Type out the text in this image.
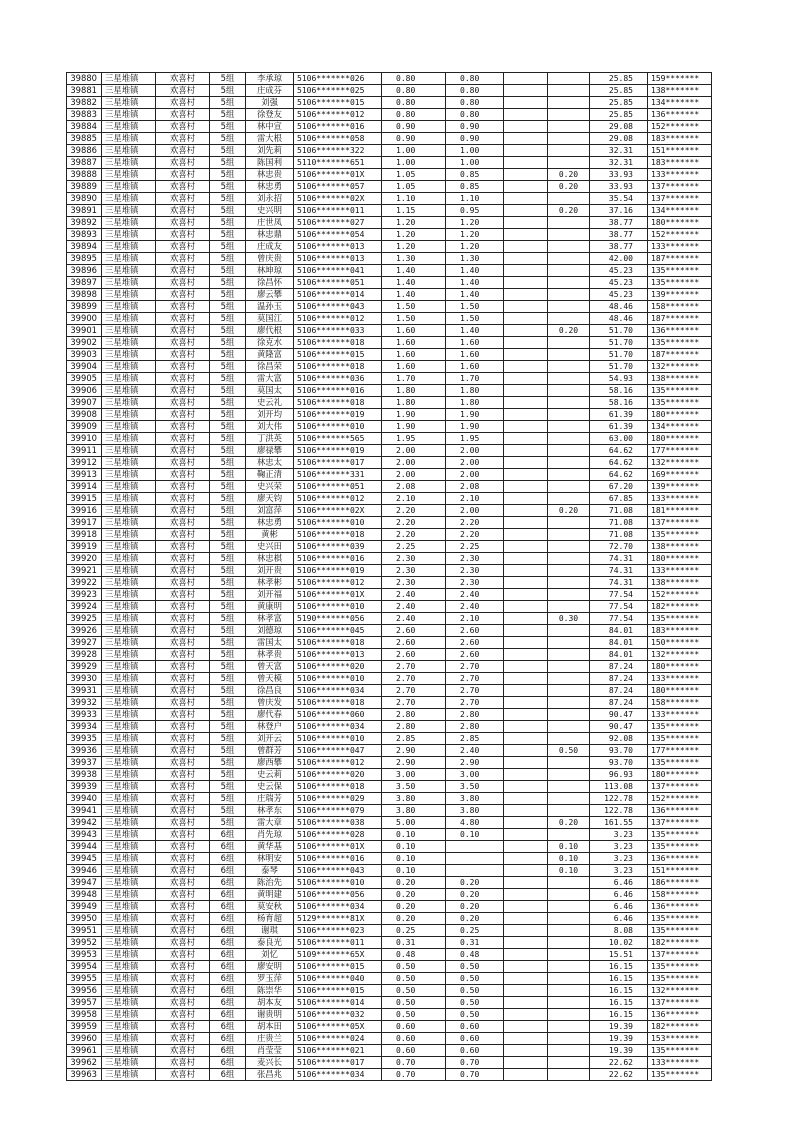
39880	三星堆镇	欢喜村	5组	李承琼	5106*******026	0.80	0.80			25.85	159*******
39881	三星堆镇	欢喜村	5组	庄成芬	5106*******025	0.80	0.80			25.85	138*******
39882	三星堆镇	欢喜村	5组	刘强	5106*******015	0.80	0.80			25.85	134*******
39883	三星堆镇	欢喜村	5组	徐登友	5106*******012	0.80	0.80			25.85	136*******
39884	三星堆镇	欢喜村	5组	林中宣	5106*******016	0.90	0.90			29.08	152*******
39885	三星堆镇	欢喜村	5组	雷大根	5106*******058	0.90	0.90			29.08	183*******
39886	三星堆镇	欢喜村	5组	刘先莉	5106*******322	1.00	1.00			32.31	151*******
39887	三星堆镇	欢喜村	5组	陈国利	5110*******651	1.00	1.00			32.31	183*******
39888	三星堆镇	欢喜村	5组	林忠贵	5106*******01X	1.05	0.85		0.20	33.93	133*******
39889	三星堆镇	欢喜村	5组	林忠勇	5106*******057	1.05	0.85		0.20	33.93	137*******
39890	三星堆镇	欢喜村	5组	刘永招	5106*******02X	1.10	1.10			35.54	137*******
39891	三星堆镇	欢喜村	5组	史兴明	5106*******011	1.15	0.95		0.20	37.16	134*******
39892	三星堆镇	欢喜村	5组	庄世凤	5106*******027	1.20	1.20			38.77	180*******
39893	三星堆镇	欢喜村	5组	林忠鼎	5106*******054	1.20	1.20			38.77	152*******
39894	三星堆镇	欢喜村	5组	庄成友	5106*******013	1.20	1.20			38.77	133*******
39895	三星堆镇	欢喜村	5组	曾庆贵	5106*******013	1.30	1.30			42.00	187*******
39896	三星堆镇	欢喜村	5组	林坤琼	5106*******041	1.40	1.40			45.23	135*******
39897	三星堆镇	欢喜村	5组	徐昌怀	5106*******051	1.40	1.40			45.23	135*******
39898	三星堆镇	欢喜村	5组	廖云攀	5106*******014	1.40	1.40			45.23	139*******
39899	三星堆镇	欢喜村	5组	温孙玉	5106*******043	1.50	1.50			48.46	158*******
39900	三星堆镇	欢喜村	5组	莫国江	5106*******012	1.50	1.50			48.46	187*******
39901	三星堆镇	欢喜村	5组	廖代根	5106*******033	1.60	1.40		0.20	51.70	136*******
39902	三星堆镇	欢喜村	5组	徐克水	5106*******018	1.60	1.60			51.70	135*******
39903	三星堆镇	欢喜村	5组	黄隆富	5106*******015	1.60	1.60			51.70	187*******
39904	三星堆镇	欢喜村	5组	徐昌荣	5106*******018	1.60	1.60			51.70	132*******
39905	三星堆镇	欢喜村	5组	雷大富	5106*******036	1.70	1.70			54.93	138*******
39906	三星堆镇	欢喜村	5组	莫国太	5106*******016	1.80	1.80			58.16	135*******
39907	三星堆镇	欢喜村	5组	史云礼	5106*******018	1.80	1.80			58.16	135*******
39908	三星堆镇	欢喜村	5组	刘开均	5106*******019	1.90	1.90			61.39	180*******
39909	三星堆镇	欢喜村	5组	刘大伟	5106*******010	1.90	1.90			61.39	134*******
39910	三星堆镇	欢喜村	5组	丁洪英	5106*******565	1.95	1.95			63.00	180*******
39911	三星堆镇	欢喜村	5组	廖禄攀	5106*******019	2.00	2.00			64.62	177*******
39912	三星堆镇	欢喜村	5组	林忠太	5106*******017	2.00	2.00			64.62	132*******
39913	三星堆镇	欢喜村	5组	鞠正清	5106*******331	2.00	2.00			64.62	169*******
39914	三星堆镇	欢喜村	5组	史兴荣	5106*******051	2.08	2.08			67.20	139*******
39915	三星堆镇	欢喜村	5组	廖天钧	5106*******012	2.10	2.10			67.85	133*******
39916	三星堆镇	欢喜村	5组	刘富萍	5106*******02X	2.20	2.00		0.20	71.08	181*******
39917	三星堆镇	欢喜村	5组	林忠勇	5106*******010	2.20	2.20			71.08	137*******
39918	三星堆镇	欢喜村	5组	黄彬	5106*******018	2.20	2.20			71.08	135*******
39919	三星堆镇	欢喜村	5组	史兴田	5106*******039	2.25	2.25			72.70	138*******
39920	三星堆镇	欢喜村	5组	林忠棋	5106*******016	2.30	2.30			74.31	180*******
39921	三星堆镇	欢喜村	5组	刘开贵	5106*******019	2.30	2.30			74.31	133*******
39922	三星堆镇	欢喜村	5组	林孝彬	5106*******012	2.30	2.30			74.31	138*******
39923	三星堆镇	欢喜村	5组	刘开福	5106*******01X	2.40	2.40			77.54	152*******
39924	三星堆镇	欢喜村	5组	黄康明	5106*******010	2.40	2.40			77.54	182*******
39925	三星堆镇	欢喜村	5组	林孝富	5190*******056	2.40	2.10		0.30	77.54	135*******
39926	三星堆镇	欢喜村	5组	刘德琼	5106*******045	2.60	2.60			84.01	183*******
39927	三星堆镇	欢喜村	5组	雷国太	5106*******018	2.60	2.60			84.01	150*******
39928	三星堆镇	欢喜村	5组	林孝贵	5106*******013	2.60	2.60			84.01	132*******
39929	三星堆镇	欢喜村	5组	曾天富	5106*******020	2.70	2.70			87.24	180*******
39930	三星堆镇	欢喜村	5组	曾天模	5106*******010	2.70	2.70			87.24	133*******
39931	三星堆镇	欢喜村	5组	徐昌良	5106*******034	2.70	2.70			87.24	180*******
39932	三星堆镇	欢喜村	5组	曾庆发	5106*******018	2.70	2.70			87.24	158*******
39933	三星堆镇	欢喜村	5组	廖代春	5106*******060	2.80	2.80			90.47	133*******
39934	三星堆镇	欢喜村	5组	林登户	5106*******034	2.80	2.80			90.47	135*******
39935	三星堆镇	欢喜村	5组	刘开云	5106*******010	2.85	2.85			92.08	135*******
39936	三星堆镇	欢喜村	5组	曾群芳	5106*******047	2.90	2.40		0.50	93.70	177*******
39937	三星堆镇	欢喜村	5组	廖西攀	5106*******012	2.90	2.90			93.70	135*******
39938	三星堆镇	欢喜村	5组	史云莉	5106*******020	3.00	3.00			96.93	180*******
39939	三星堆镇	欢喜村	5组	史云保	5106*******018	3.50	3.50			113.08	137*******
39940	三星堆镇	欢喜村	5组	庄瑞芳	5106*******029	3.80	3.80			122.78	152*******
39941	三星堆镇	欢喜村	5组	林孝东	5106*******079	3.80	3.80			122.78	136*******
39942	三星堆镇	欢喜村	5组	雷大章	5106*******038	5.00	4.80		0.20	161.55	137*******
39943	三星堆镇	欢喜村	6组	肖先琼	5106*******028	0.10	0.10			3.23	135*******
39944	三星堆镇	欢喜村	6组	黄华基	5106*******01X	0.10			0.10	3.23	135*******
39945	三星堆镇	欢喜村	6组	林明安	5106*******016	0.10			0.10	3.23	136*******
39946	三星堆镇	欢喜村	6组	泰琴	5106*******043	0.10			0.10	3.23	151*******
39947	三星堆镇	欢喜村	6组	陈治先	5106*******010	0.20	0.20			6.46	186*******
39948	三星堆镇	欢喜村	6组	黄明建	5106*******056	0.20	0.20			6.46	158*******
39949	三星堆镇	欢喜村	6组	莫安秋	5106*******034	0.20	0.20			6.46	136*******
39950	三星堆镇	欢喜村	6组	杨育超	5129*******81X	0.20	0.20			6.46	135*******
39951	三星堆镇	欢喜村	6组	谢琪	5106*******023	0.25	0.25			8.08	135*******
39952	三星堆镇	欢喜村	6组	泰良光	5106*******011	0.31	0.31			10.02	182*******
39953	三星堆镇	欢喜村	6组	刘忆	5109*******65X	0.48	0.48			15.51	137*******
39954	三星堆镇	欢喜村	6组	廖安明	5106*******015	0.50	0.50			16.15	135*******
39955	三星堆镇	欢喜村	6组	罗玉萍	5106*******040	0.50	0.50			16.15	135*******
39956	三星堆镇	欢喜村	6组	陈崇华	5106*******015	0.50	0.50			16.15	132*******
39957	三星堆镇	欢喜村	6组	胡本友	5106*******014	0.50	0.50			16.15	137*******
39958	三星堆镇	欢喜村	6组	谢贵明	5106*******032	0.50	0.50			16.15	136*******
39959	三星堆镇	欢喜村	6组	胡本田	5106*******05X	0.60	0.60			19.39	182*******
39960	三星堆镇	欢喜村	6组	庄贵兰	5106*******024	0.60	0.60			19.39	153*******
39961	三星堆镇	欢喜村	6组	肖莹莹	5106*******021	0.60	0.60			19.39	135*******
39962	三星堆镇	欢喜村	6组	麦兴长	5106*******017	0.70	0.70			22.62	133*******
39963	三星堆镇	欢喜村	6组	张昌兆	5106*******034	0.70	0.70			22.62	135*******
